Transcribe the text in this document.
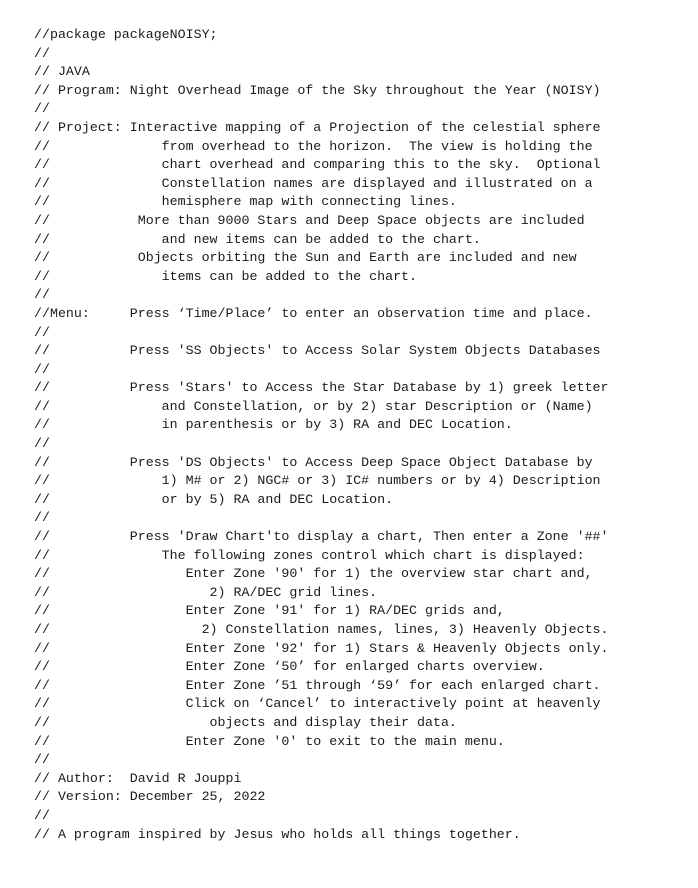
//package packageNOISY;
//
// JAVA
// Program: Night Overhead Image of the Sky throughout the Year (NOISY)
//
// Project: Interactive mapping of a Projection of the celestial sphere
//              from overhead to the horizon.  The view is holding the
//              chart overhead and comparing this to the sky.  Optional
//              Constellation names are displayed and illustrated on a
//              hemisphere map with connecting lines.
//           More than 9000 Stars and Deep Space objects are included
//              and new items can be added to the chart.
//           Objects orbiting the Sun and Earth are included and new
//              items can be added to the chart.
//
//Menu:     Press ‘Time/Place’ to enter an observation time and place.
//
//          Press 'SS Objects' to Access Solar System Objects Databases
//
//          Press 'Stars' to Access the Star Database by 1) greek letter
//              and Constellation, or by 2) star Description or (Name)
//              in parenthesis or by 3) RA and DEC Location.
//
//          Press 'DS Objects' to Access Deep Space Object Database by
//              1) M# or 2) NGC# or 3) IC# numbers or by 4) Description
//              or by 5) RA and DEC Location.
//
//          Press 'Draw Chart'to display a chart, Then enter a Zone '##'
//              The following zones control which chart is displayed:
//                 Enter Zone '90' for 1) the overview star chart and,
//                    2) RA/DEC grid lines.
//                 Enter Zone '91' for 1) RA/DEC grids and,
//                   2) Constellation names, lines, 3) Heavenly Objects.
//                 Enter Zone '92' for 1) Stars & Heavenly Objects only.
//                 Enter Zone ‘50’ for enlarged charts overview.
//                 Enter Zone ’51 through ‘59’ for each enlarged chart.
//                 Click on ‘Cancel’ to interactively point at heavenly
//                    objects and display their data.
//                 Enter Zone '0' to exit to the main menu.
//
// Author:  David R Jouppi
// Version: December 25, 2022
//
// A program inspired by Jesus who holds all things together.
